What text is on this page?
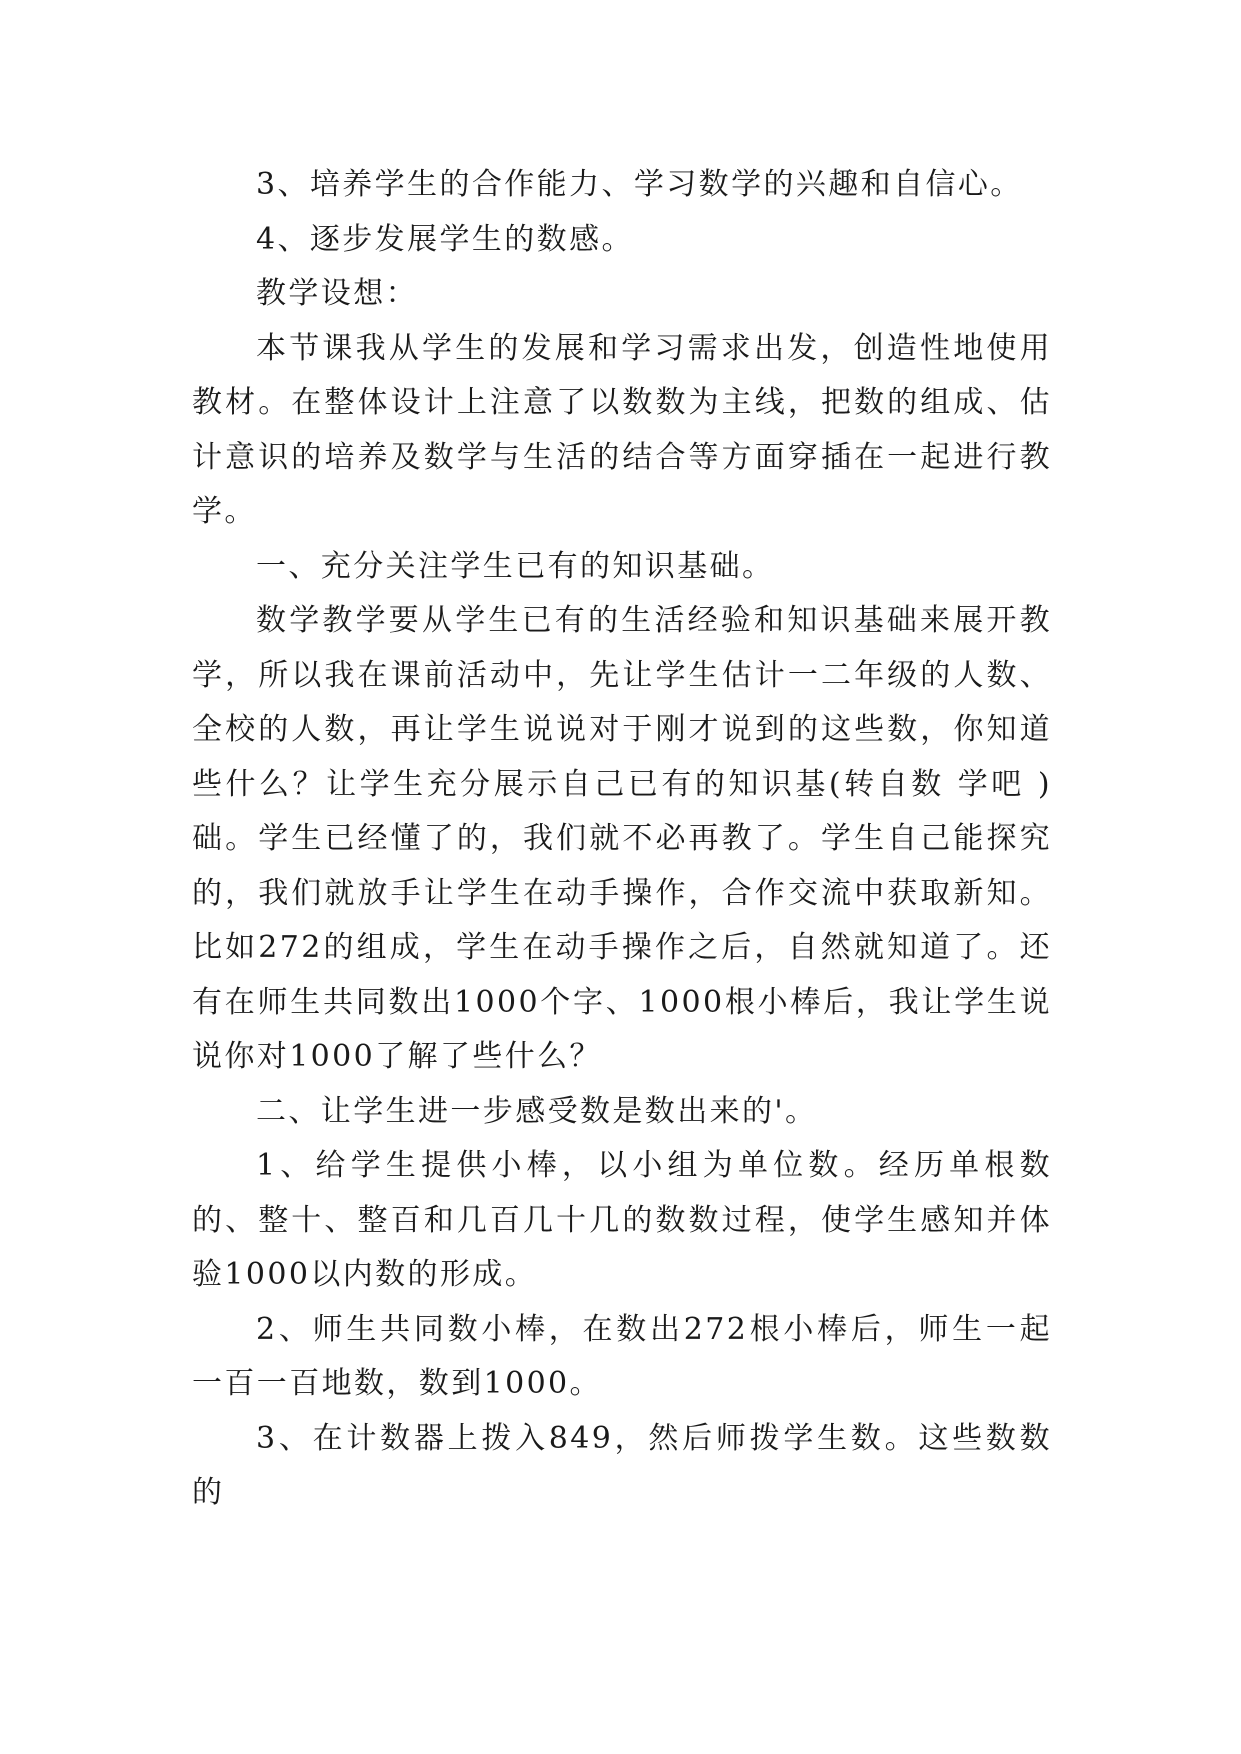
3、培养学生的合作能力、学习数学的兴趣和自信心。

4、逐步发展学生的数感。

教学设想：

本节课我从学生的发展和学习需求出发，创造性地使用教材。在整体设计上注意了以数数为主线，把数的组成、估计意识的培养及数学与生活的结合等方面穿插在一起进行教学。

一、充分关注学生已有的知识基础。

数学教学要从学生已有的生活经验和知识基础来展开教学，所以我在课前活动中，先让学生估计一二年级的人数、全校的人数，再让学生说说对于刚才说到的这些数，你知道些什么？让学生充分展示自己已有的知识基(转自数 学吧 )础。学生已经懂了的，我们就不必再教了。学生自己能探究的，我们就放手让学生在动手操作，合作交流中获取新知。比如272的组成，学生在动手操作之后，自然就知道了。还有在师生共同数出1000个字、1000根小棒后，我让学生说说你对1000了解了些什么？

二、让学生进一步感受数是数出来的'。

1、给学生提供小棒，以小组为单位数。经历单根数的、整十、整百和几百几十几的数数过程，使学生感知并体验1000以内数的形成。

2、师生共同数小棒，在数出272根小棒后，师生一起一百一百地数，数到1000。

3、在计数器上拨入849，然后师拨学生数。这些数数的
